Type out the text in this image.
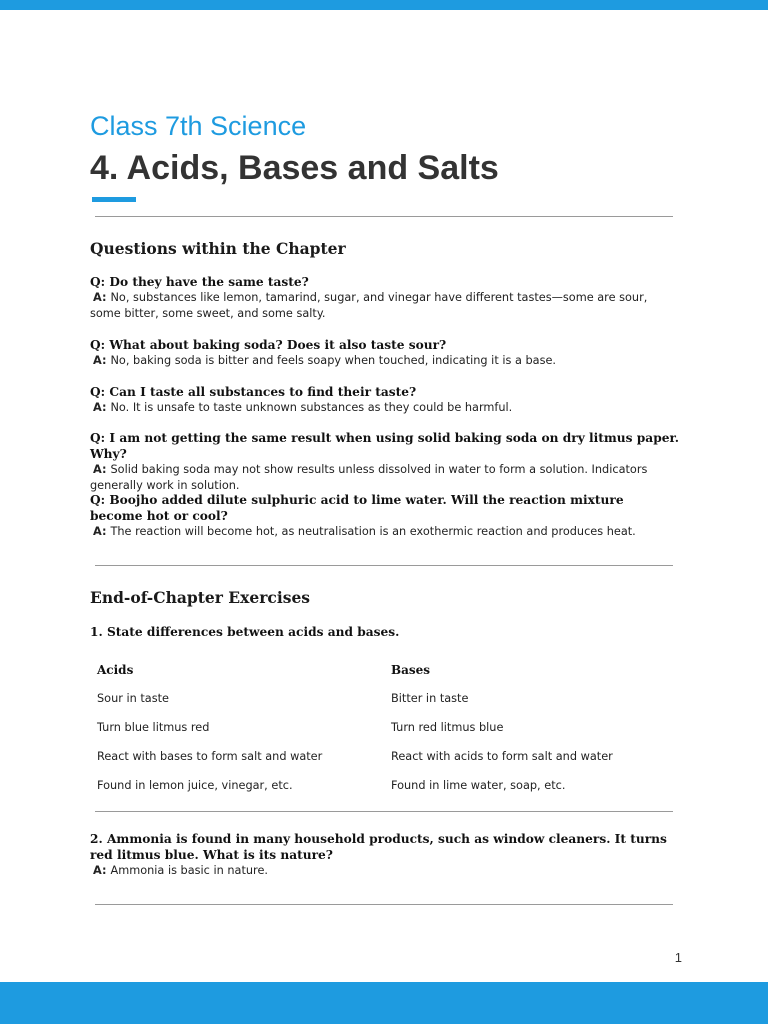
Class 7th Science
4. Acids, Bases and Salts
Questions within the Chapter
Q: Do they have the same taste?
A: No, substances like lemon, tamarind, sugar, and vinegar have different tastes—some are sour, some bitter, some sweet, and some salty.
Q: What about baking soda? Does it also taste sour?
A: No, baking soda is bitter and feels soapy when touched, indicating it is a base.
Q: Can I taste all substances to find their taste?
A: No. It is unsafe to taste unknown substances as they could be harmful.
Q: I am not getting the same result when using solid baking soda on dry litmus paper. Why?
A: Solid baking soda may not show results unless dissolved in water to form a solution. Indicators generally work in solution.
Q: Boojho added dilute sulphuric acid to lime water. Will the reaction mixture become hot or cool?
A: The reaction will become hot, as neutralisation is an exothermic reaction and produces heat.
End-of-Chapter Exercises
1. State differences between acids and bases.
Acids	Bases
Sour in taste	Bitter in taste
Turn blue litmus red	Turn red litmus blue
React with bases to form salt and water	React with acids to form salt and water
Found in lemon juice, vinegar, etc.	Found in lime water, soap, etc.
2. Ammonia is found in many household products, such as window cleaners. It turns red litmus blue. What is its nature?
A: Ammonia is basic in nature.
1
